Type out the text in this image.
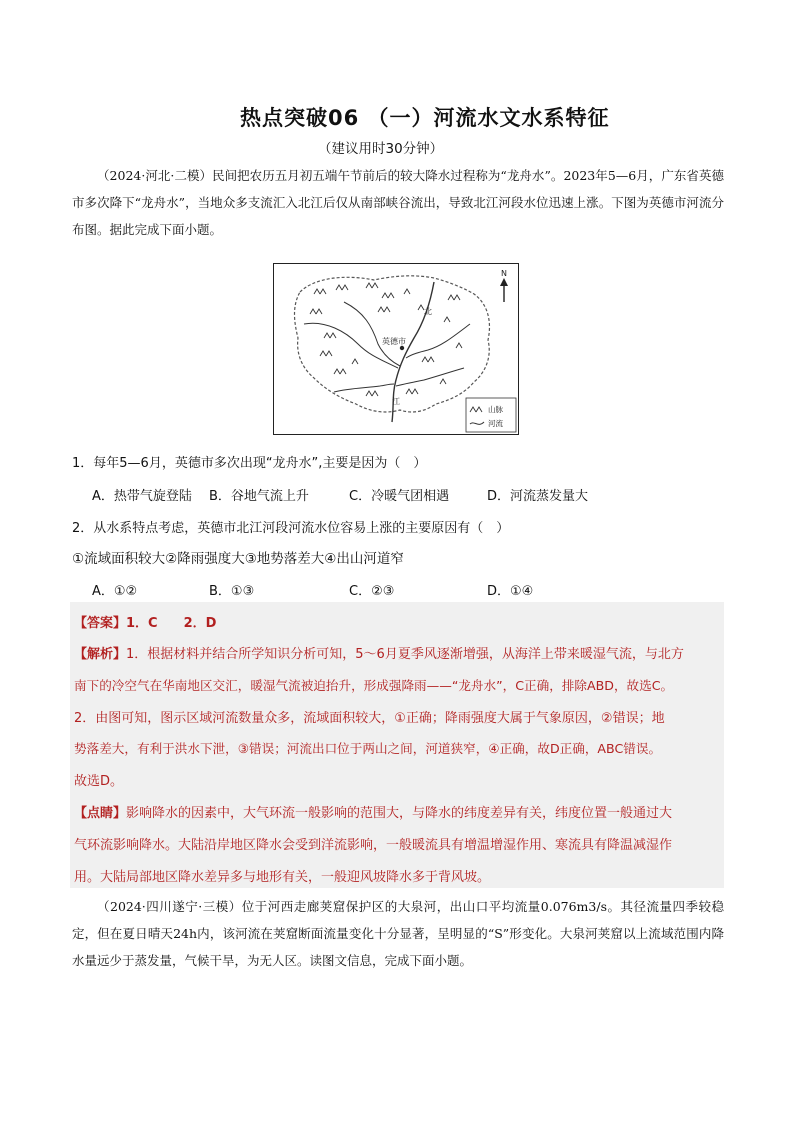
热点突破06 （一）河流水文水系特征
（建议用时30分钟）
（2024·河北·二模）民间把农历五月初五端午节前后的较大降水过程称为“龙舟水”。2023年5—6月，广东省英德市多次降下“龙舟水”，当地众多支流汇入北江后仅从南部峡谷流出，导致北江河段水位迅速上涨。下图为英德市河流分布图。据此完成下面小题。
英德市
北
江
N
山脉
河流
1．每年5—6月，英德市多次出现“龙舟水”,主要是因为（　）
A．热带气旋登陆 B．谷地气流上升	C．冷暖气团相遇	D．河流蒸发量大
2．从水系特点考虑，英德市北江河段河流水位容易上涨的主要原因有（　）
①流域面积较大②降雨强度大③地势落差大④出山河道窄
A．①②	B．①③	C．②③	D．①④
【答案】1．C　　2．D
【解析】1．根据材料并结合所学知识分析可知，5～6月夏季风逐渐增强，从海洋上带来暖湿气流，与北方
南下的冷空气在华南地区交汇，暖湿气流被迫抬升，形成强降雨——“龙舟水”，C正确，排除ABD，故选C。
2．由图可知，图示区域河流数量众多，流域面积较大，①正确；降雨强度大属于气象原因，②错误；地
势落差大，有利于洪水下泄，③错误；河流出口位于两山之间，河道狭窄，④正确，故D正确，ABC错误。
故选D。
【点睛】影响降水的因素中，大气环流一般影响的范围大，与降水的纬度差异有关，纬度位置一般通过大
气环流影响降水。大陆沿岸地区降水会受到洋流影响，一般暖流具有增温增湿作用、寒流具有降温减湿作
用。大陆局部地区降水差异多与地形有关，一般迎风坡降水多于背风坡。
（2024·四川遂宁·三模）位于河西走廊荚窟保护区的大泉河，出山口平均流量0.076m3/s。其径流量四季较稳定，但在夏日晴天24h内，该河流在荚窟断面流量变化十分显著，呈明显的“S”形变化。大泉河荚窟以上流域范围内降水量远少于蒸发量，气候干旱，为无人区。读图文信息，完成下面小题。
